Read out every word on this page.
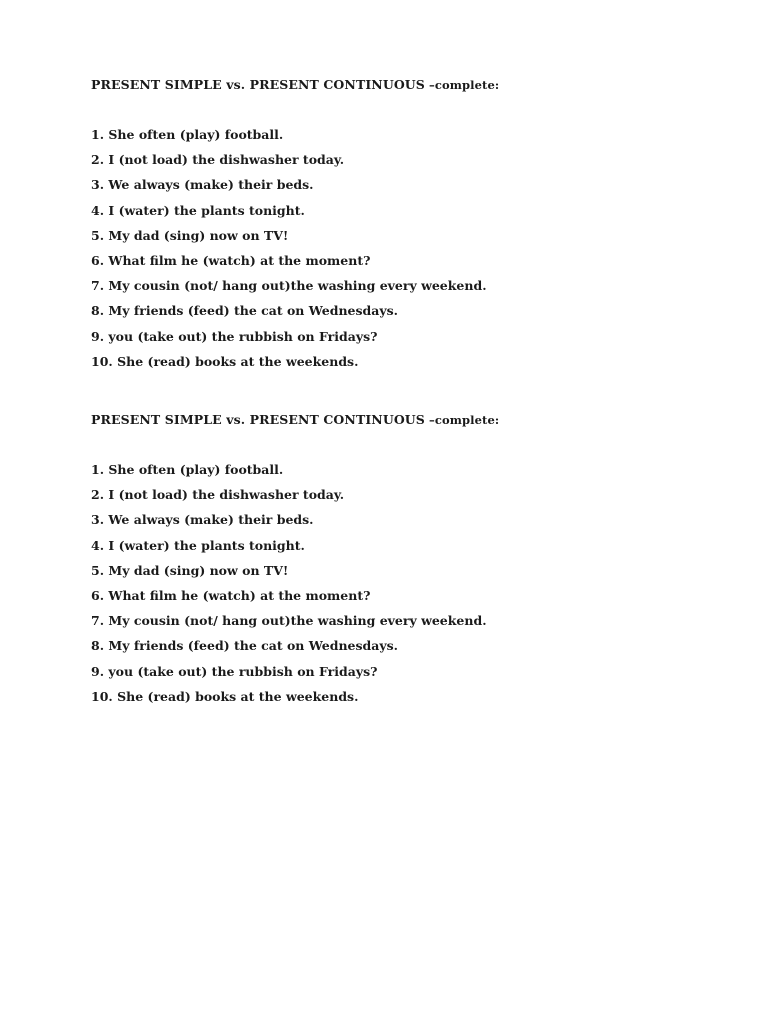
PRESENT SIMPLE vs. PRESENT CONTINUOUS –complete:
1. She often (play) football.
2. I (not load) the dishwasher today.
3. We always (make) their beds.
4. I (water) the plants tonight.
5. My dad (sing) now on TV!
6. What film he (watch) at the moment?
7. My cousin (not/ hang out)the washing every weekend.
8. My friends (feed) the cat on Wednesdays.
9. you (take out) the rubbish on Fridays?
10. She (read) books at the weekends.
PRESENT SIMPLE vs. PRESENT CONTINUOUS –complete:
1. She often (play) football.
2. I (not load) the dishwasher today.
3. We always (make) their beds.
4. I (water) the plants tonight.
5. My dad (sing) now on TV!
6. What film he (watch) at the moment?
7. My cousin (not/ hang out)the washing every weekend.
8. My friends (feed) the cat on Wednesdays.
9. you (take out) the rubbish on Fridays?
10. She (read) books at the weekends.
